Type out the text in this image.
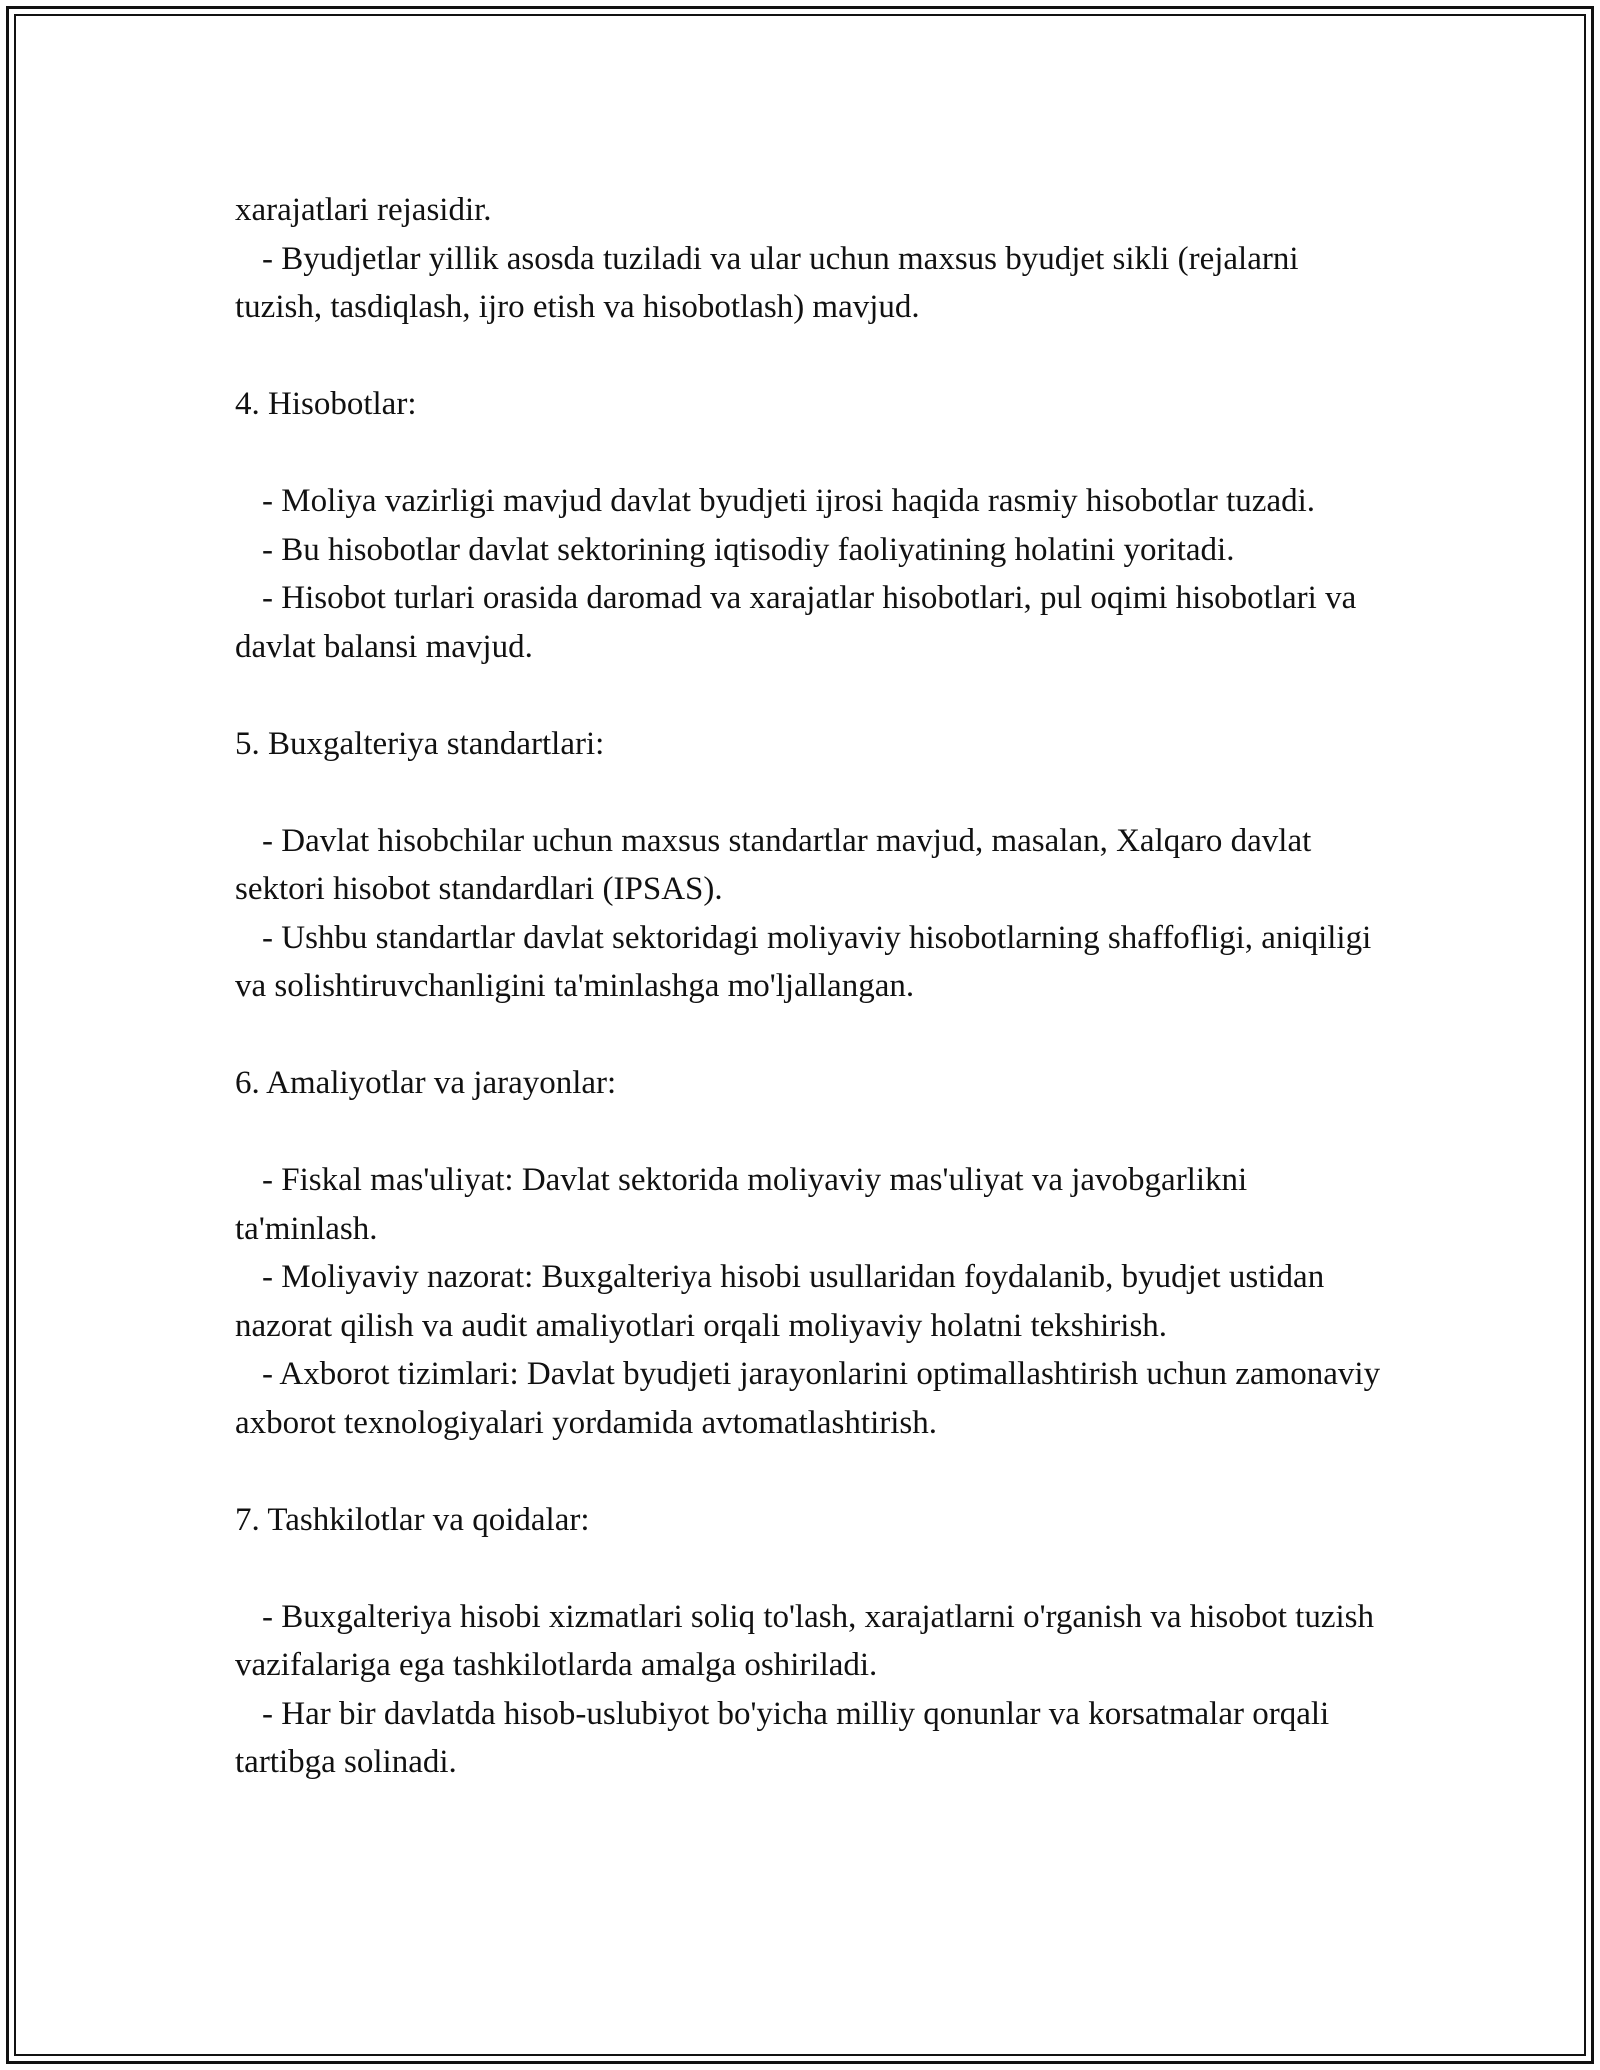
xarajatlari rejasidir.

- Byudjetlar yillik asosda tuziladi va ular uchun maxsus byudjet sikli (rejalarni tuzish, tasdiqlash, ijro etish va hisobotlash) mavjud.

4. Hisobotlar:

- Moliya vazirligi mavjud davlat byudjeti ijrosi haqida rasmiy hisobotlar tuzadi.

- Bu hisobotlar davlat sektorining iqtisodiy faoliyatining holatini yoritadi.

- Hisobot turlari orasida daromad va xarajatlar hisobotlari, pul oqimi hisobotlari va davlat balansi mavjud.

5. Buxgalteriya standartlari:

- Davlat hisobchilar uchun maxsus standartlar mavjud, masalan, Xalqaro davlat sektori hisobot standardlari (IPSAS).

- Ushbu standartlar davlat sektoridagi moliyaviy hisobotlarning shaffofligi, aniqiligi va solishtiruvchanligini ta'minlashga mo'ljallangan.

6. Amaliyotlar va jarayonlar:

- Fiskal mas'uliyat: Davlat sektorida moliyaviy mas'uliyat va javobgarlikni ta'minlash.

- Moliyaviy nazorat: Buxgalteriya hisobi usullaridan foydalanib, byudjet ustidan nazorat qilish va audit amaliyotlari orqali moliyaviy holatni tekshirish.

- Axborot tizimlari: Davlat byudjeti jarayonlarini optimallashtirish uchun zamonaviy axborot texnologiyalari yordamida avtomatlashtirish.

7. Tashkilotlar va qoidalar:

- Buxgalteriya hisobi xizmatlari soliq to'lash, xarajatlarni o'rganish va hisobot tuzish vazifalariga ega tashkilotlarda amalga oshiriladi.

- Har bir davlatda hisob-uslubiyot bo'yicha milliy qonunlar va korsatmalar orqali tartibga solinadi.
